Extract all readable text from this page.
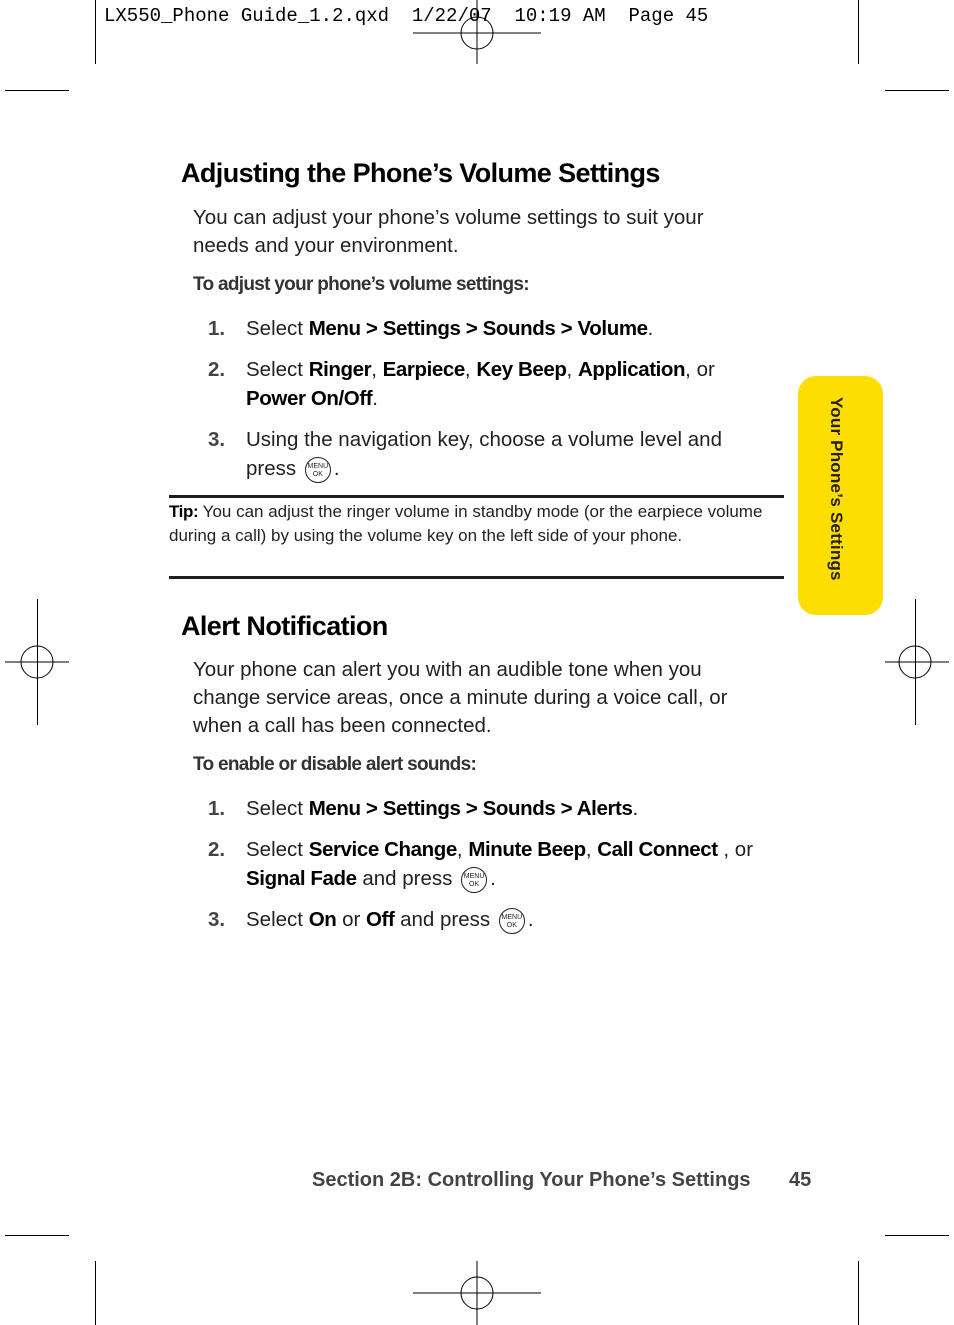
LX550_Phone Guide_1.2.qxd  1/22/07  10:19 AM  Page 45
Your Phone’s Settings
Adjusting the Phone’s Volume Settings
You can adjust your phone’s volume settings to suit your needs and your environment.
To adjust your phone’s volume settings:
1. Select Menu > Settings > Sounds > Volume.
2. Select Ringer, Earpiece, Key Beep, Application, or Power On/Off.
3. Using the navigation key, choose a volume level and press MENU
OK .
Tip: You can adjust the ringer volume in standby mode (or the earpiece volume during a call) by using the volume key on the left side of your phone.
Alert Notification
Your phone can alert you with an audible tone when you change service areas, once a minute during a voice call, or when a call has been connected.
To enable or disable alert sounds:
1. Select Menu > Settings > Sounds > Alerts.
2. Select Service Change, Minute Beep, Call Connect , or Signal Fade and press MENU
OK .
3. Select On or Off and press MENU
OK .
Section 2B: Controlling Your Phone’s Settings 45
